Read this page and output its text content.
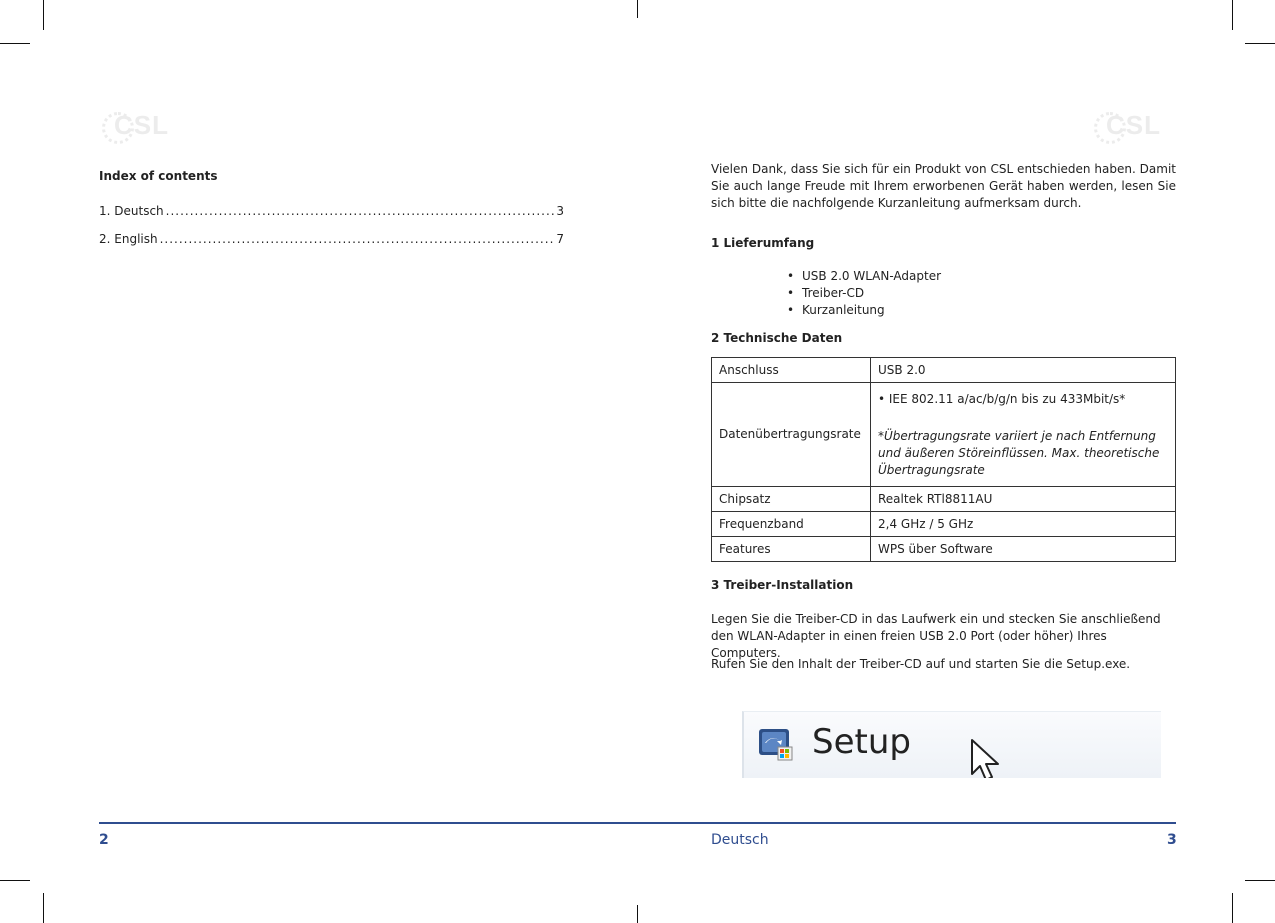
CSL	CSL
Index of contents
1. Deutsch .....	3
2. English .....	7
Vielen Dank, dass Sie sich für ein Produkt von CSL entschieden haben. Damit Sie auch lange Freude mit Ihrem erworbenen Gerät haben werden, lesen Sie sich bitte die nachfolgende Kurzanleitung aufmerksam durch.
1 Lieferumfang
• USB 2.0 WLAN-Adapter
• Treiber-CD
• Kurzanleitung
2 Technische Daten
Anschluss	USB 2.0
Datenübertragungsrate	• IEE 802.11 a/ac/b/g/n bis zu 433Mbit/s*
*Übertragungsrate variiert je nach Entfernung und äußeren Störeinflüssen. Max. theoretische Übertragungsrate

Chipsatz	Realtek RTl8811AU
Frequenzband	2,4 GHz / 5 GHz
Features	WPS über Software
3 Treiber-Installation
Legen Sie die Treiber-CD in das Laufwerk ein und stecken Sie anschließend den WLAN-Adapter in einen freien USB 2.0 Port (oder höher) Ihres Computers.
Rufen Sie den Inhalt der Treiber-CD auf und starten Sie die Setup.exe.
Setup
2	Deutsch	3
